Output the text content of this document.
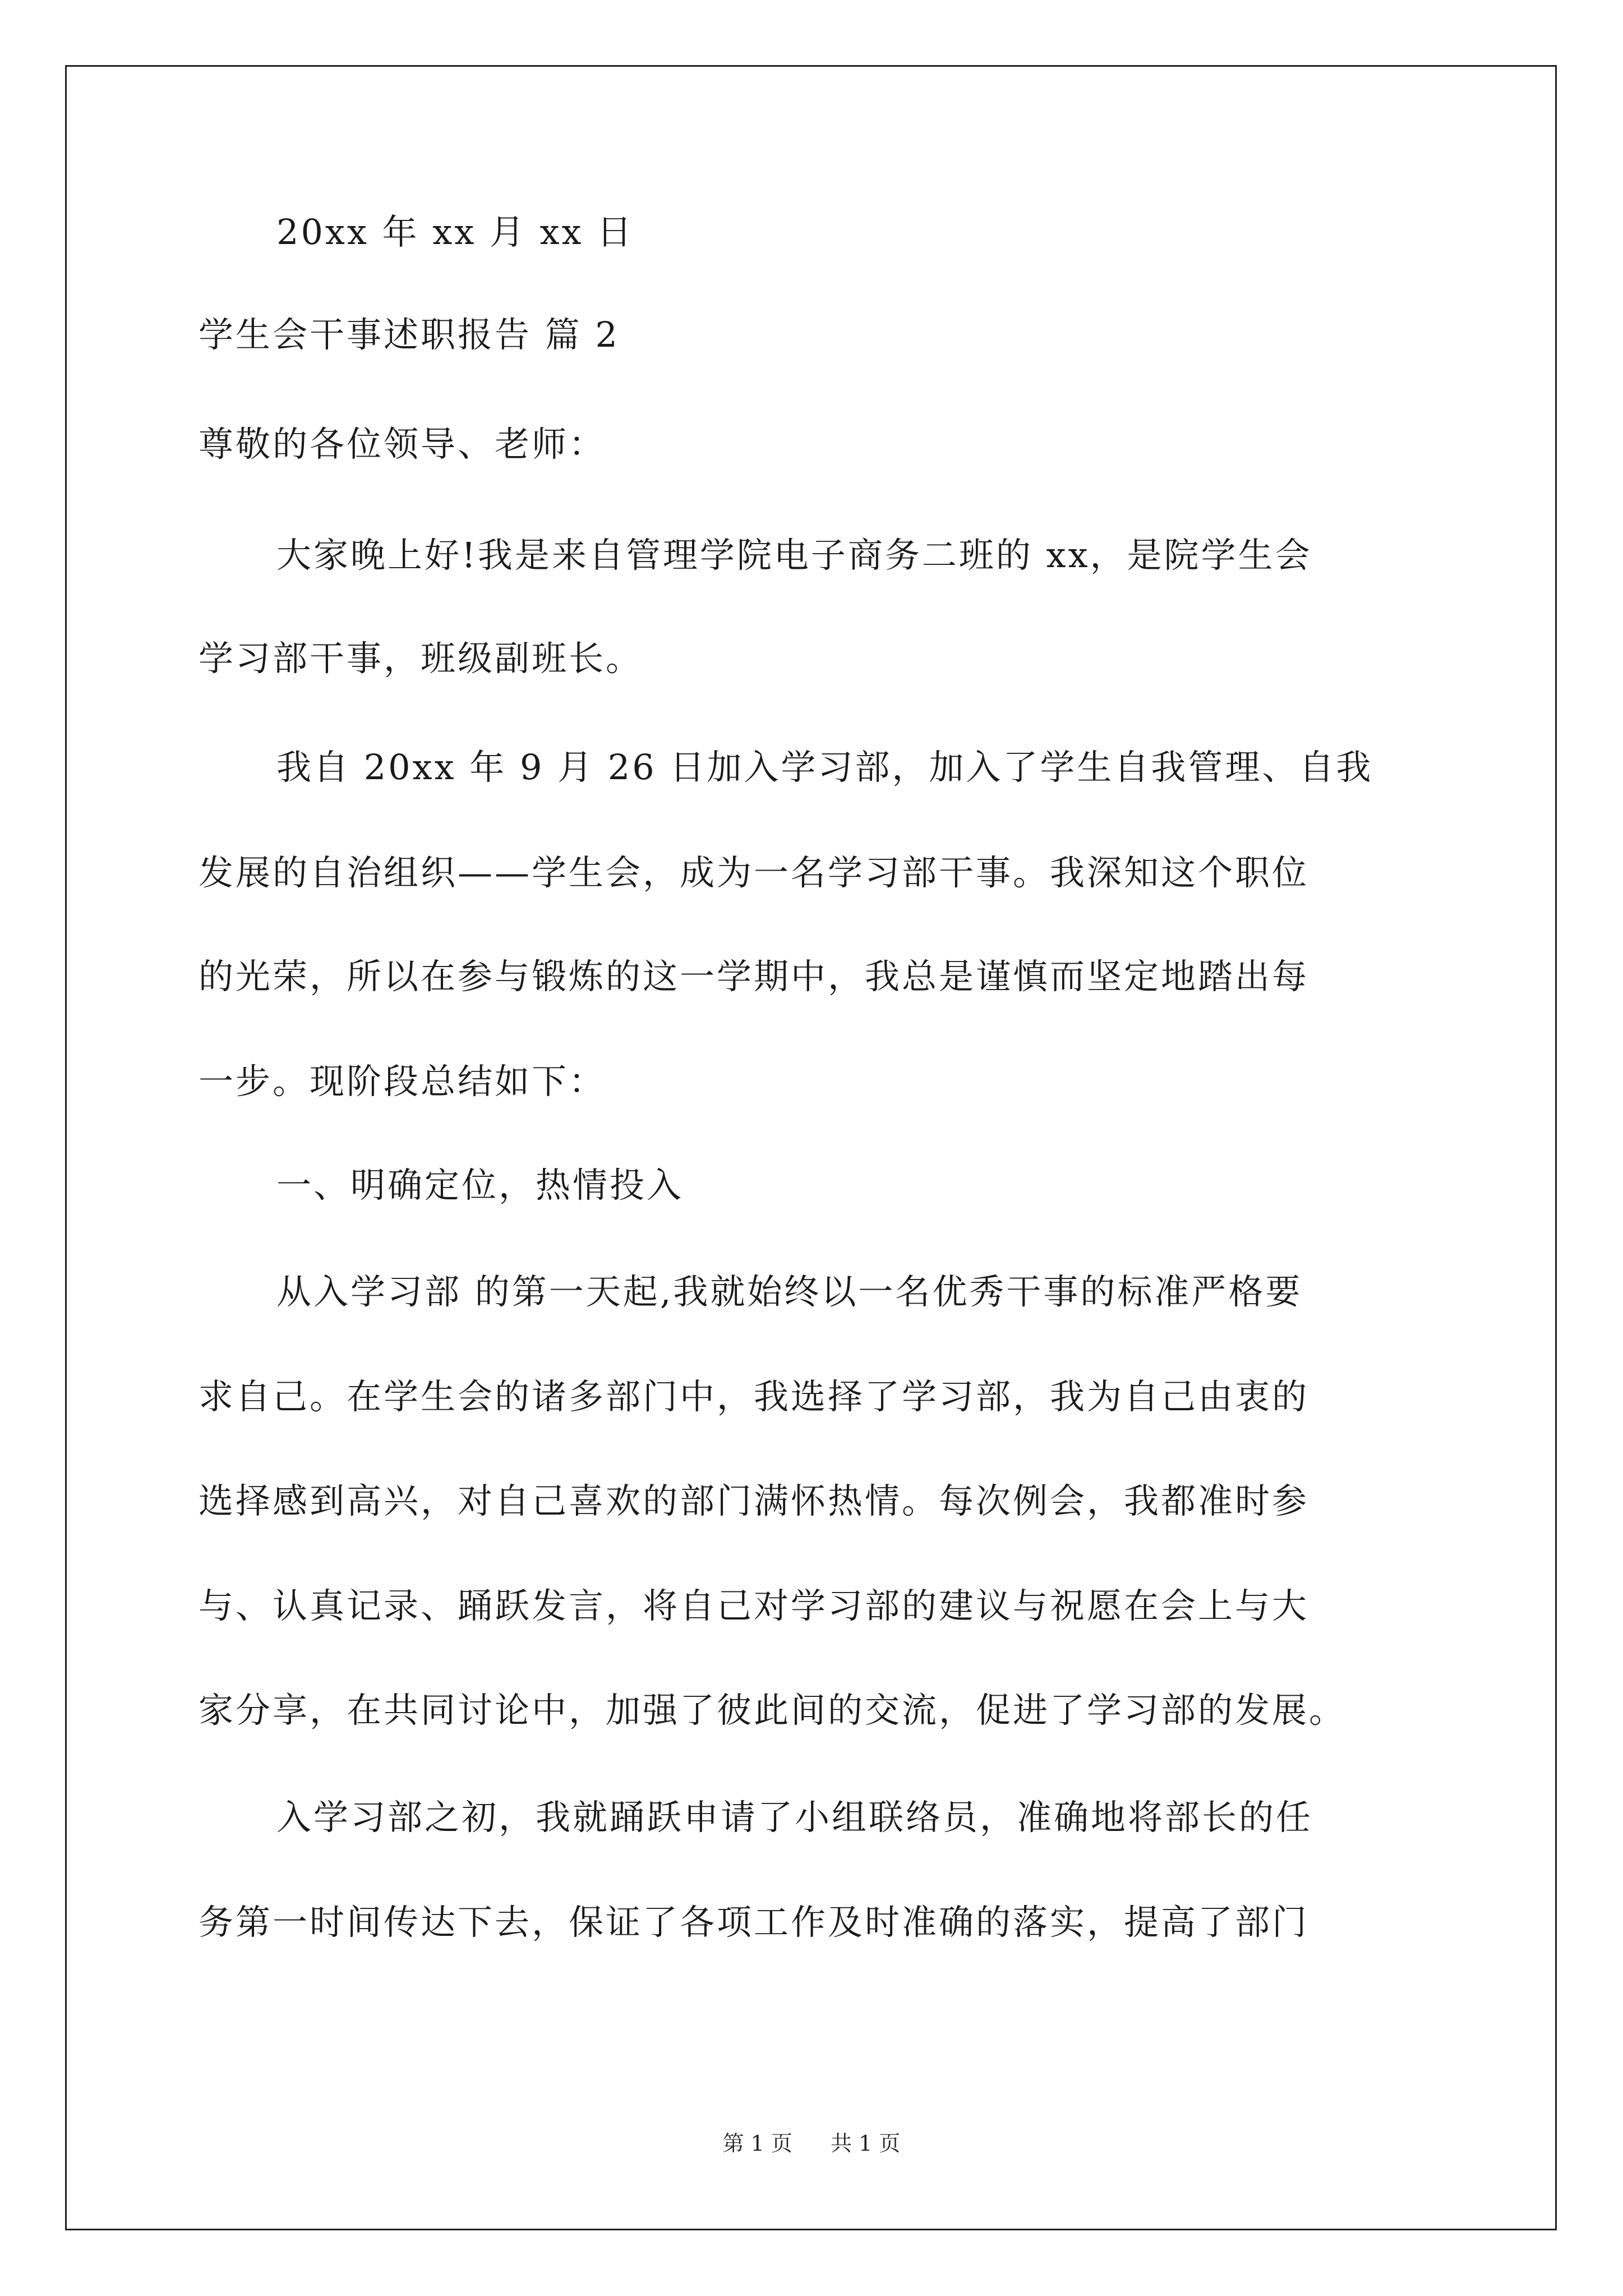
20xx 年 xx 月 xx 日

学生会干事述职报告 篇 2

尊敬的各位领导、老师：

大家晚上好!我是来自管理学院电子商务二班的 xx，是院学生会

学习部干事，班级副班长。

我自 20xx 年 9 月 26 日加入学习部，加入了学生自我管理、自我

发展的自治组织——学生会，成为一名学习部干事。我深知这个职位

的光荣，所以在参与锻炼的这一学期中，我总是谨慎而坚定地踏出每

一步。现阶段总结如下：

一、明确定位，热情投入

从入学习部 的第一天起,我就始终以一名优秀干事的标准严格要

求自己。在学生会的诸多部门中，我选择了学习部，我为自己由衷的

选择感到高兴，对自己喜欢的部门满怀热情。每次例会，我都准时参

与、认真记录、踊跃发言，将自己对学习部的建议与祝愿在会上与大

家分享，在共同讨论中，加强了彼此间的交流，促进了学习部的发展。

入学习部之初，我就踊跃申请了小组联络员，准确地将部长的任

务第一时间传达下去，保证了各项工作及时准确的落实，提高了部门

第 1 页 共 1 页
